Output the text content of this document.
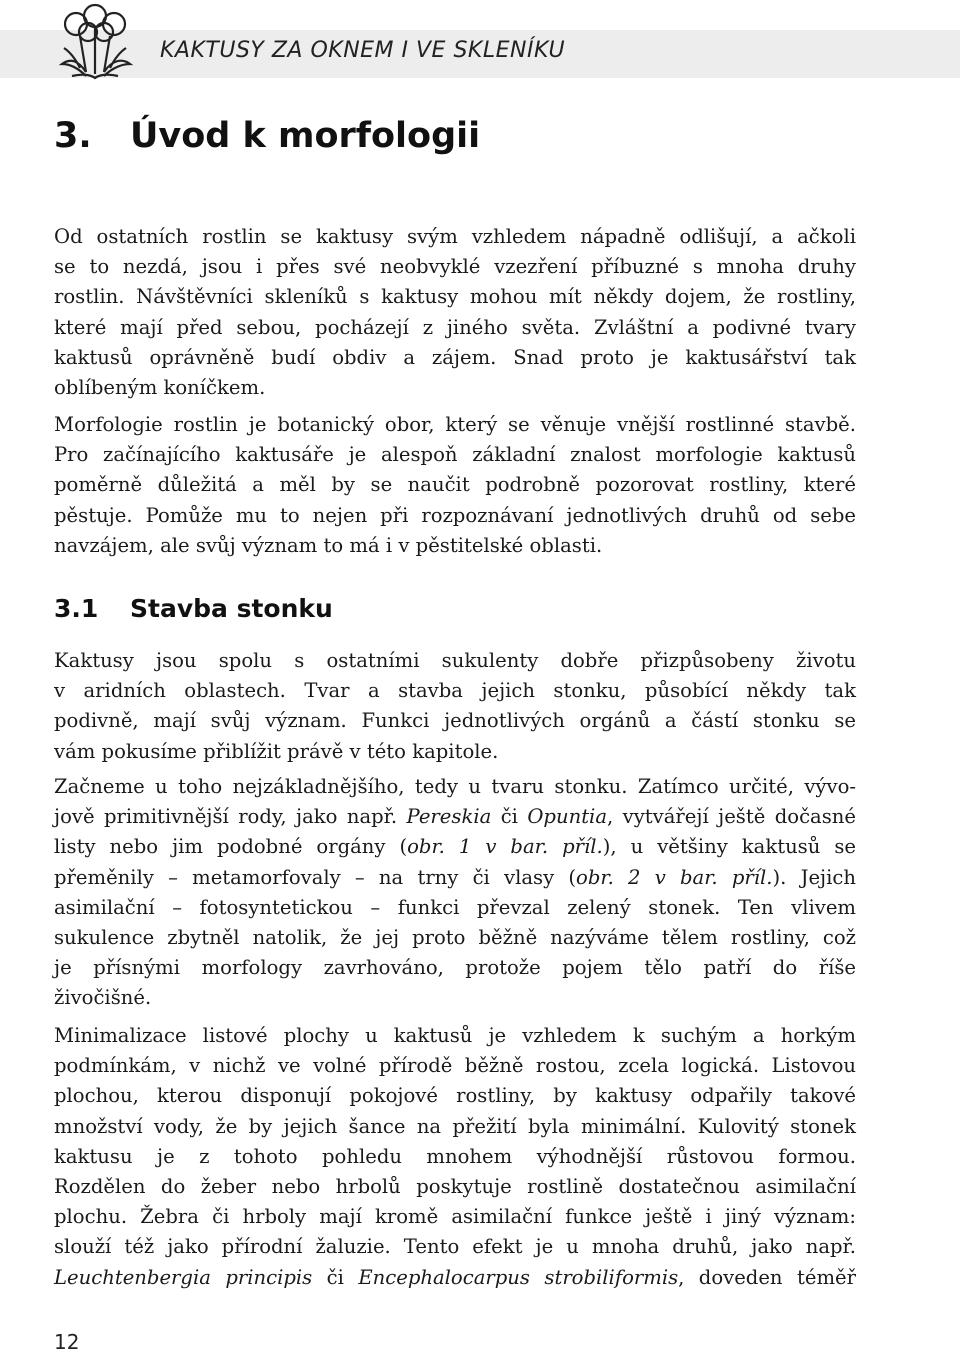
KAKTUSY ZA OKNEM I VE SKLENÍKU
3. Úvod k morfologii
Od ostatních rostlin se kaktusy svým vzhledem nápadně odlišují, a ačkoli
se to nezdá, jsou i přes své neobvyklé vzezření příbuzné s mnoha druhy
rostlin. Návštěvníci skleníků s kaktusy mohou mít někdy dojem, že rostliny,
které mají před sebou, pocházejí z jiného světa. Zvláštní a podivné tvary
kaktusů oprávněně budí obdiv a zájem. Snad proto je kaktusářství tak
oblíbeným koníčkem.
Morfologie rostlin je botanický obor, který se věnuje vnější rostlinné stavbě.
Pro začínajícího kaktusáře je alespoň základní znalost morfologie kaktusů
poměrně důležitá a měl by se naučit podrobně pozorovat rostliny, které
pěstuje. Pomůže mu to nejen při rozpoznávaní jednotlivých druhů od sebe
navzájem, ale svůj význam to má i v pěstitelské oblasti.
3.1 Stavba stonku
Kaktusy jsou spolu s ostatními sukulenty dobře přizpůsobeny životu
v aridních oblastech. Tvar a stavba jejich stonku, působící někdy tak
podivně, mají svůj význam. Funkci jednotlivých orgánů a částí stonku se
vám pokusíme přiblížit právě v této kapitole.
Začneme u toho nejzákladnějšího, tedy u tvaru stonku. Zatímco určité, vývo-
jově primitivnější rody, jako např. Pereskia či Opuntia, vytvářejí ještě dočasné
listy nebo jim podobné orgány (obr. 1 v bar. příl.), u většiny kaktusů se
přeměnily – metamorfovaly – na trny či vlasy (obr. 2 v bar. příl.). Jejich
asimilační – fotosyntetickou – funkci převzal zelený stonek. Ten vlivem
sukulence zbytněl natolik, že jej proto běžně nazýváme tělem rostliny, což
je přísnými morfology zavrhováno, protože pojem tělo patří do říše
živočišné.
Minimalizace listové plochy u kaktusů je vzhledem k suchým a horkým
podmínkám, v nichž ve volné přírodě běžně rostou, zcela logická. Listovou
plochou, kterou disponují pokojové rostliny, by kaktusy odpařily takové
množství vody, že by jejich šance na přežití byla minimální. Kulovitý stonek
kaktusu je z tohoto pohledu mnohem výhodnější růstovou formou.
Rozdělen do žeber nebo hrbolů poskytuje rostlině dostatečnou asimilační
plochu. Žebra či hrboly mají kromě asimilační funkce ještě i jiný význam:
slouží též jako přírodní žaluzie. Tento efekt je u mnoha druhů, jako např.
Leuchtenbergia principis či Encephalocarpus strobiliformis, doveden téměř
12
